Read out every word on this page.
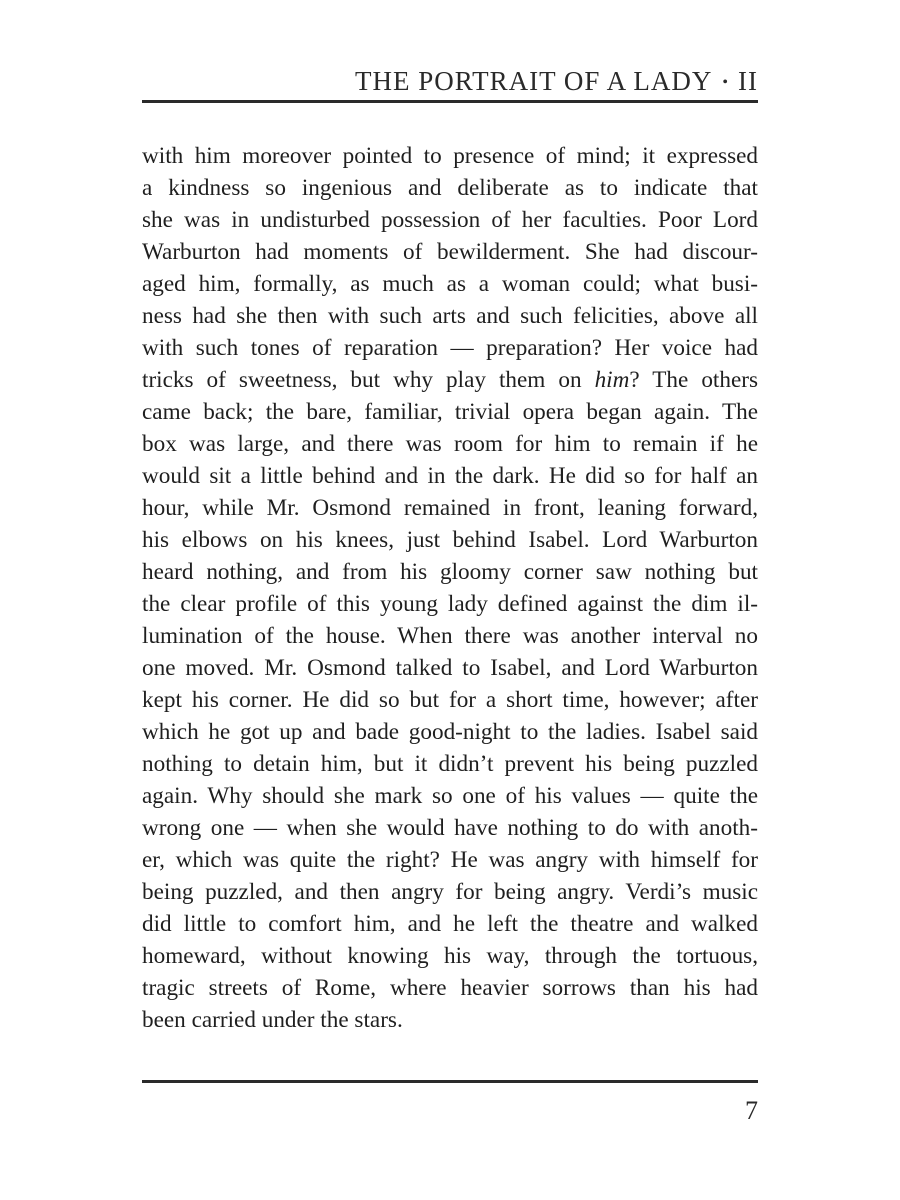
THE PORTRAIT OF A LADY • II
with him moreover pointed to presence of mind; it expressed
a kindness so ingenious and deliberate as to indicate that
she was in undisturbed possession of her faculties. Poor Lord
Warburton had moments of bewilderment. She had discour-
aged him, formally, as much as a woman could; what busi-
ness had she then with such arts and such felicities, above all
with such tones of reparation — preparation? Her voice had
tricks of sweetness, but why play them on him? The others
came back; the bare, familiar, trivial opera began again. The
box was large, and there was room for him to remain if he
would sit a little behind and in the dark. He did so for half an
hour, while Mr. Osmond remained in front, leaning forward,
his elbows on his knees, just behind Isabel. Lord Warburton
heard nothing, and from his gloomy corner saw nothing but
the clear profile of this young lady defined against the dim il-
lumination of the house. When there was another interval no
one moved. Mr. Osmond talked to Isabel, and Lord Warburton
kept his corner. He did so but for a short time, however; after
which he got up and bade good-night to the ladies. Isabel said
nothing to detain him, but it didn’t prevent his being puzzled
again. Why should she mark so one of his values — quite the
wrong one — when she would have nothing to do with anoth-
er, which was quite the right? He was angry with himself for
being puzzled, and then angry for being angry. Verdi’s music
did little to comfort him, and he left the theatre and walked
homeward, without knowing his way, through the tortuous,
tragic streets of Rome, where heavier sorrows than his had
been carried under the stars.
7
